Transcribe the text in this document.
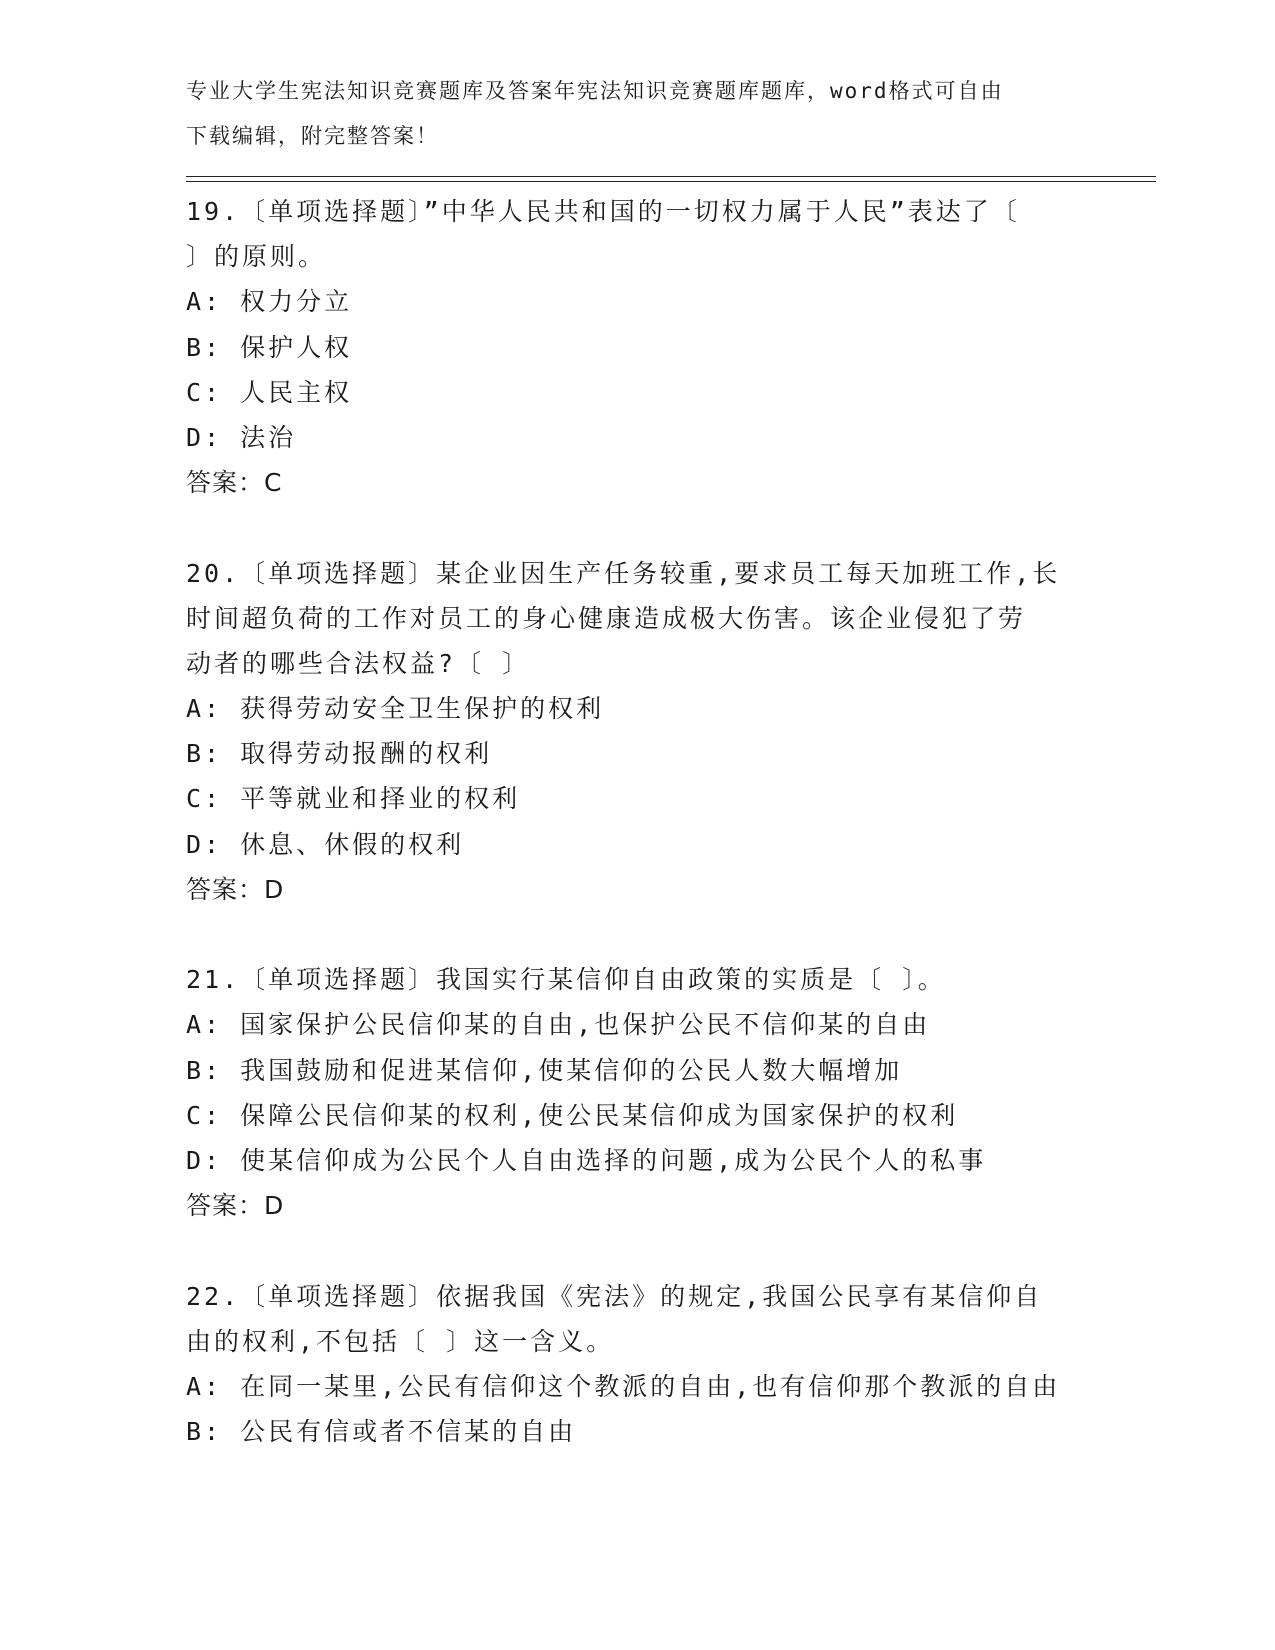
专业大学生宪法知识竞赛题库及答案年宪法知识竞赛题库题库，word格式可自由
下载编辑，附完整答案！
19.〔单项选择题〕”中华人民共和国的一切权力属于人民”表达了〔
〕的原则。
A: 权力分立
B: 保护人权
C: 人民主权
D: 法治
答案：C
20.〔单项选择题〕某企业因生产任务较重,要求员工每天加班工作,长
时间超负荷的工作对员工的身心健康造成极大伤害。该企业侵犯了劳
动者的哪些合法权益?〔 〕
A: 获得劳动安全卫生保护的权利
B: 取得劳动报酬的权利
C: 平等就业和择业的权利
D: 休息、休假的权利
答案：D
21.〔单项选择题〕我国实行某信仰自由政策的实质是〔 〕。
A: 国家保护公民信仰某的自由,也保护公民不信仰某的自由
B: 我国鼓励和促进某信仰,使某信仰的公民人数大幅增加
C: 保障公民信仰某的权利,使公民某信仰成为国家保护的权利
D: 使某信仰成为公民个人自由选择的问题,成为公民个人的私事
答案：D
22.〔单项选择题〕依据我国《宪法》的规定,我国公民享有某信仰自
由的权利,不包括〔 〕这一含义。
A: 在同一某里,公民有信仰这个教派的自由,也有信仰那个教派的自由
B: 公民有信或者不信某的自由
